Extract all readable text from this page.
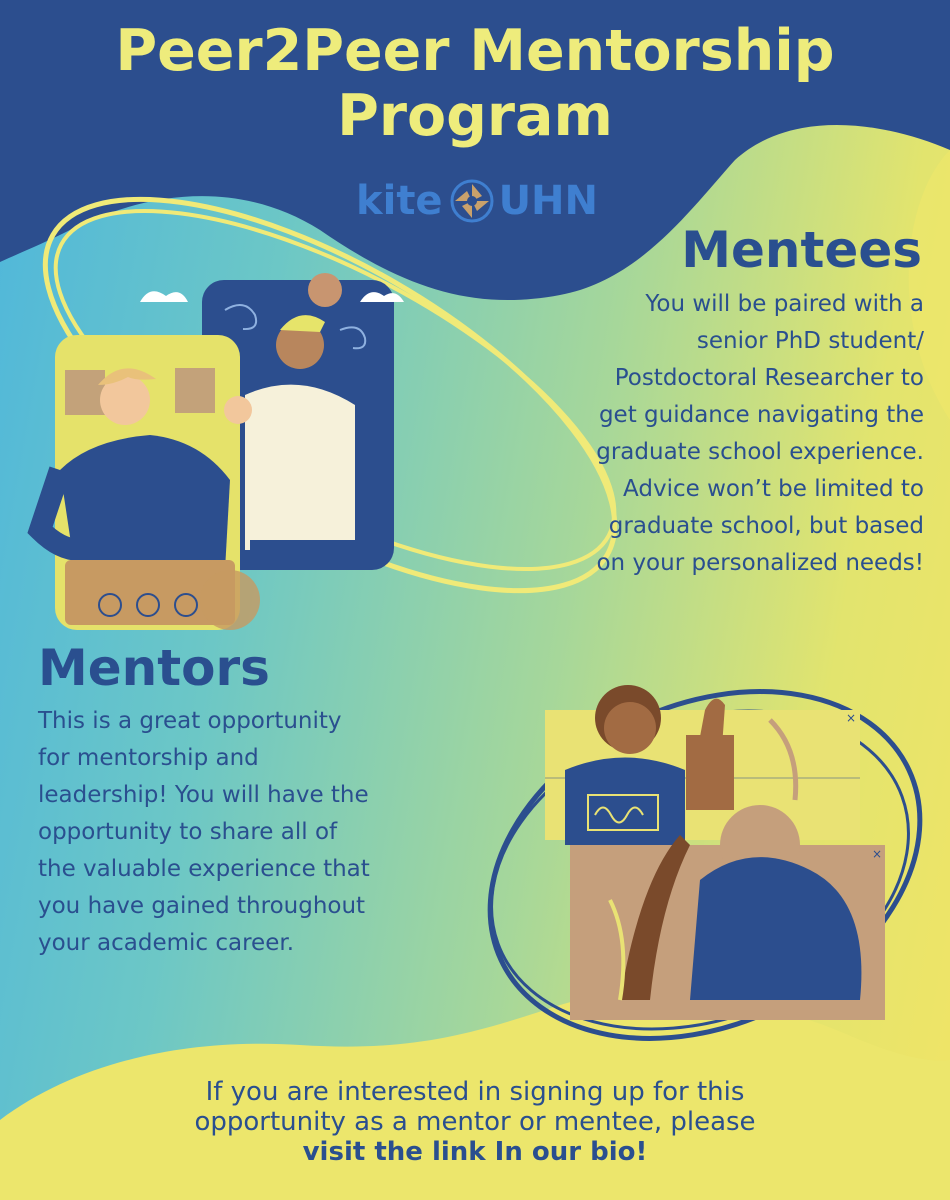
×
×
Peer2Peer Mentorship
Program
kite UHN
Mentees

You will be paired with a
senior PhD student/
Postdoctoral Researcher to
get guidance navigating the
graduate school experience.
Advice won’t be limited to
graduate school, but based
on your personalized needs!

Mentors

This is a great opportunity
for mentorship and
leadership! You will have the
opportunity to share all of
the valuable experience that
you have gained throughout
your academic career.

If you are interested in signing up for this
opportunity as a mentor or mentee, please
visit the link In our bio!
